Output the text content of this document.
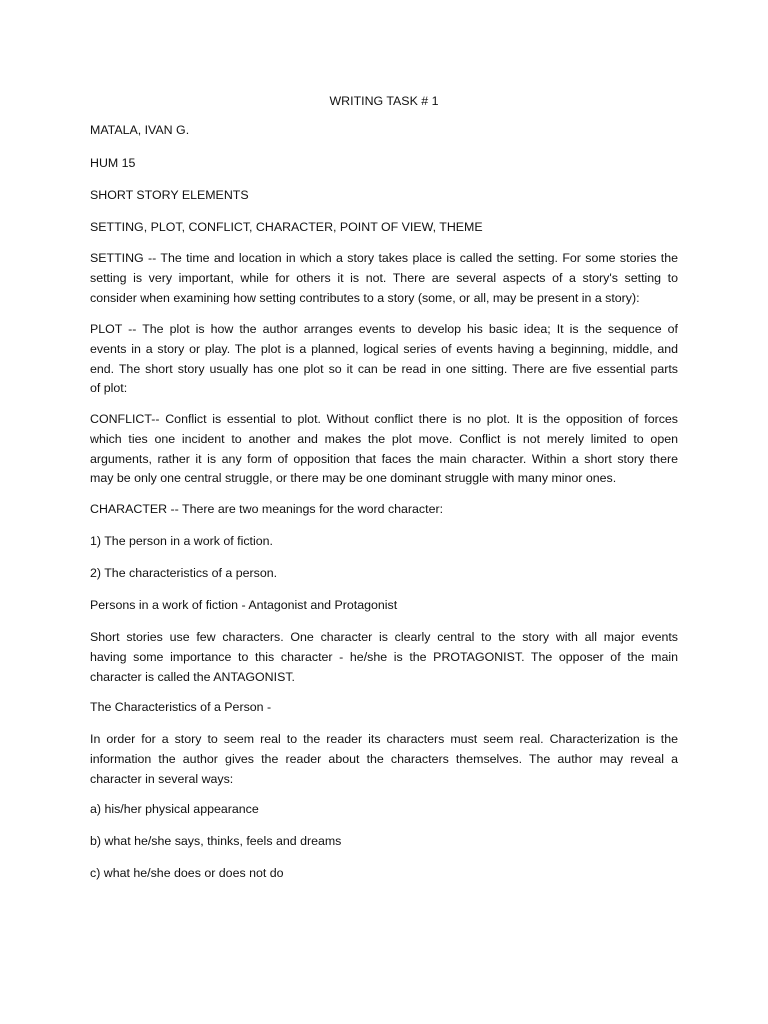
WRITING TASK # 1

MATALA, IVAN G.

HUM 15

SHORT STORY ELEMENTS

SETTING, PLOT, CONFLICT, CHARACTER, POINT OF VIEW, THEME

SETTING -- The time and location in which a story takes place is called the setting. For some stories the
setting is very important, while for others it is not. There are several aspects of a story's setting to
consider when examining how setting contributes to a story (some, or all, may be present in a story):
PLOT -- The plot is how the author arranges events to develop his basic idea; It is the sequence of
events in a story or play. The plot is a planned, logical series of events having a beginning, middle, and
end. The short story usually has one plot so it can be read in one sitting. There are five essential parts
of plot:
CONFLICT-- Conflict is essential to plot. Without conflict there is no plot. It is the opposition of forces
which ties one incident to another and makes the plot move. Conflict is not merely limited to open
arguments, rather it is any form of opposition that faces the main character. Within a short story there
may be only one central struggle, or there may be one dominant struggle with many minor ones.

CHARACTER -- There are two meanings for the word character:

1) The person in a work of fiction.

2) The characteristics of a person.

Persons in a work of fiction - Antagonist and Protagonist

Short stories use few characters. One character is clearly central to the story with all major events
having some importance to this character - he/she is the PROTAGONIST. The opposer of the main
character is called the ANTAGONIST.

The Characteristics of a Person -

In order for a story to seem real to the reader its characters must seem real. Characterization is the
information the author gives the reader about the characters themselves. The author may reveal a
character in several ways:

a) his/her physical appearance

b) what he/she says, thinks, feels and dreams

c) what he/she does or does not do
